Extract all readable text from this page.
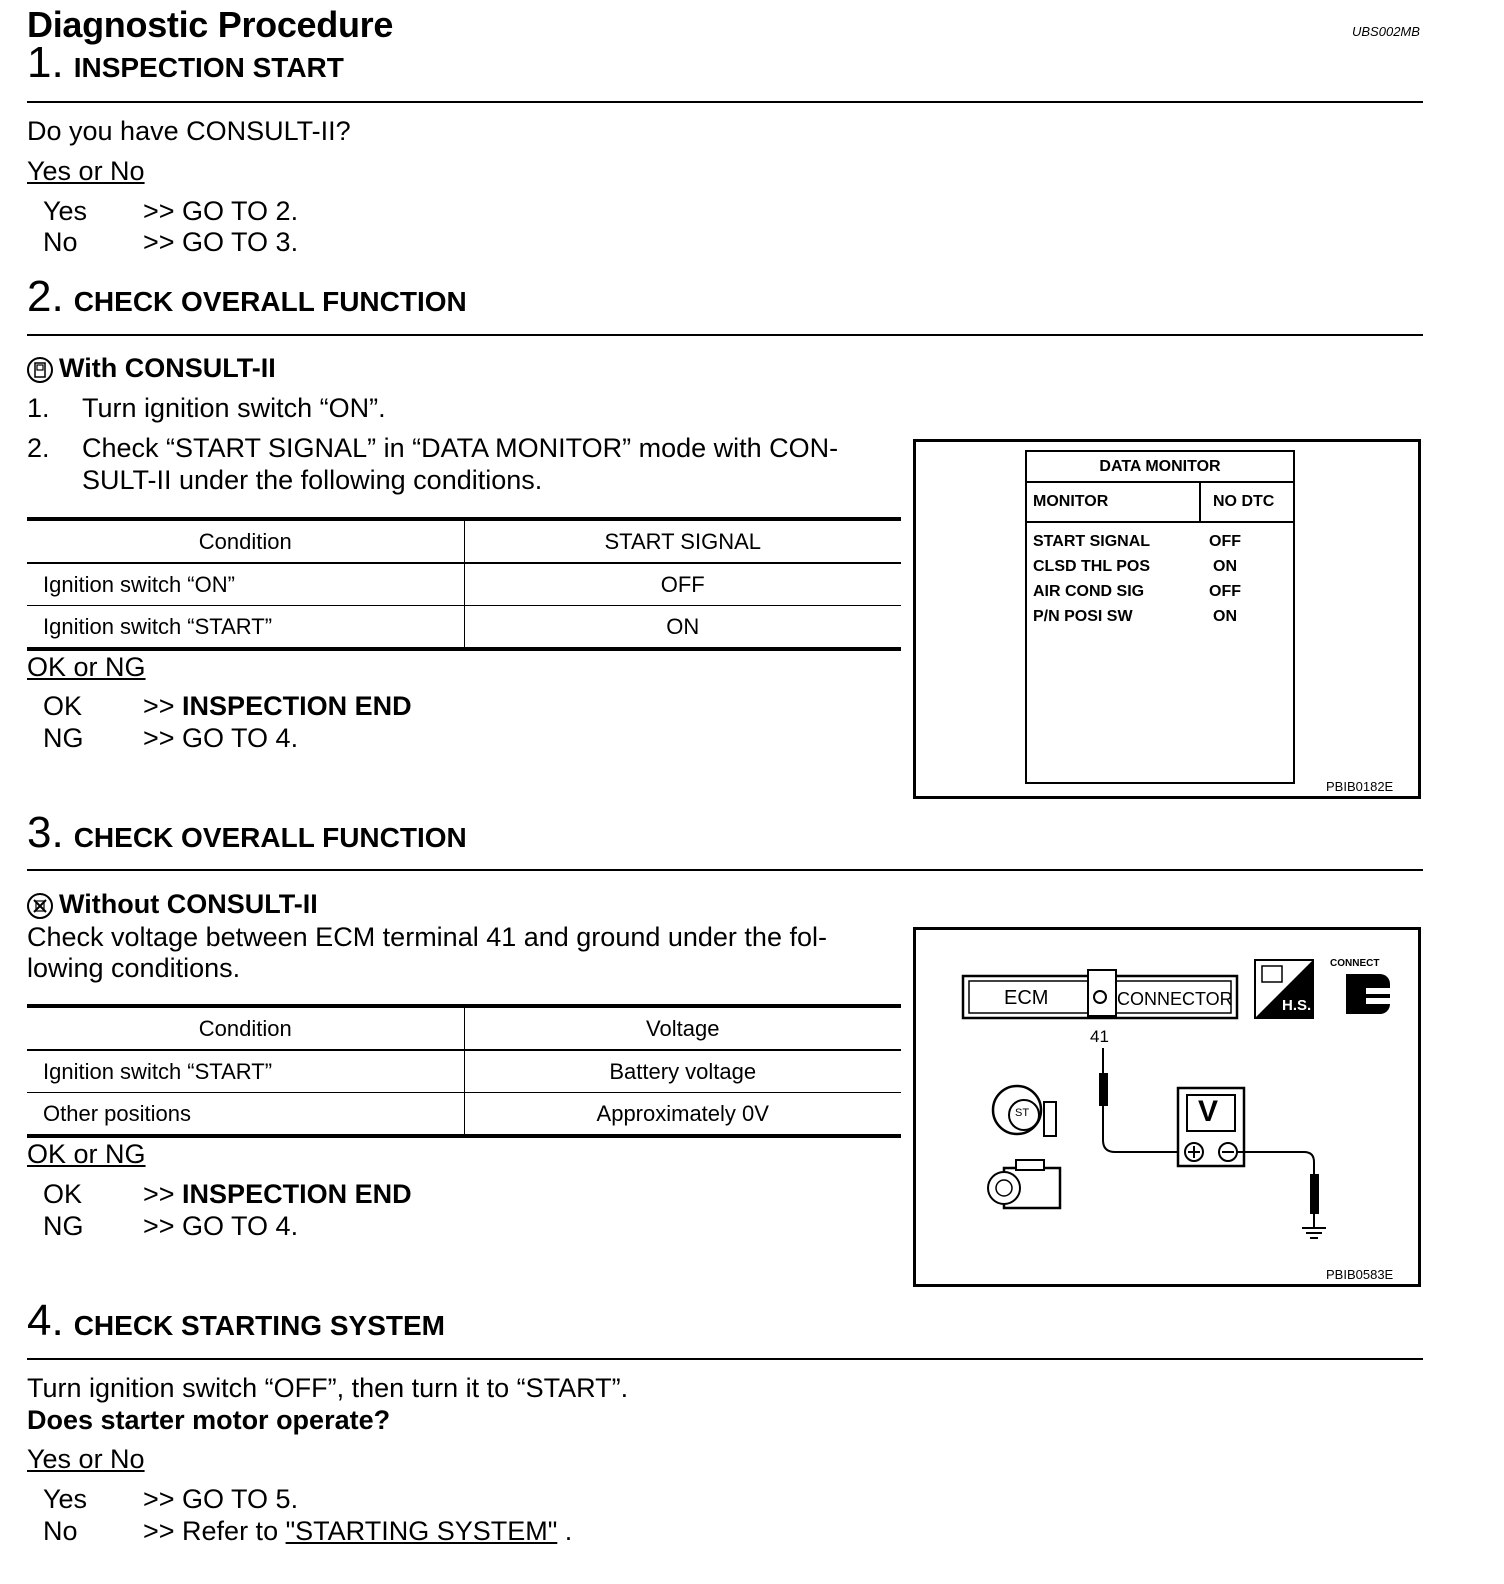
Diagnostic Procedure	UBS002MB
1. INSPECTION START
Do you have CONSULT-II?
Yes or No
Yes >> GO TO 2.
No >> GO TO 3.
2. CHECK OVERALL FUNCTION
With CONSULT-II
1. Turn ignition switch “ON”.
2. Check “START SIGNAL” in “DATA MONITOR” mode with CON-
SULT-II under the following conditions.
Condition	START SIGNAL
Ignition switch “ON”	OFF
Ignition switch “START”	ON
OK or NG
OK >> INSPECTION END
NG >> GO TO 4.
DATA MONITOR
MONITOR	NO DTC
START SIGNAL	OFF
CLSD THL POS	ON
AIR COND SIG	OFF
P/N POSI SW	ON
PBIB0182E
3. CHECK OVERALL FUNCTION
Without CONSULT-II
Check voltage between ECM terminal 41 and ground under the fol-
lowing conditions.
Condition	Voltage
Ignition switch “START”	Battery voltage
Other positions	Approximately 0V
OK or NG
OK >> INSPECTION END
NG >> GO TO 4.
ECM	CONNECTOR
41
CONNECT
H.S.
V
ST
PBIB0583E
4. CHECK STARTING SYSTEM
Turn ignition switch “OFF”, then turn it to “START”.
Does starter motor operate?
Yes or No
Yes >> GO TO 5.
No >> Refer to "STARTING SYSTEM" .
